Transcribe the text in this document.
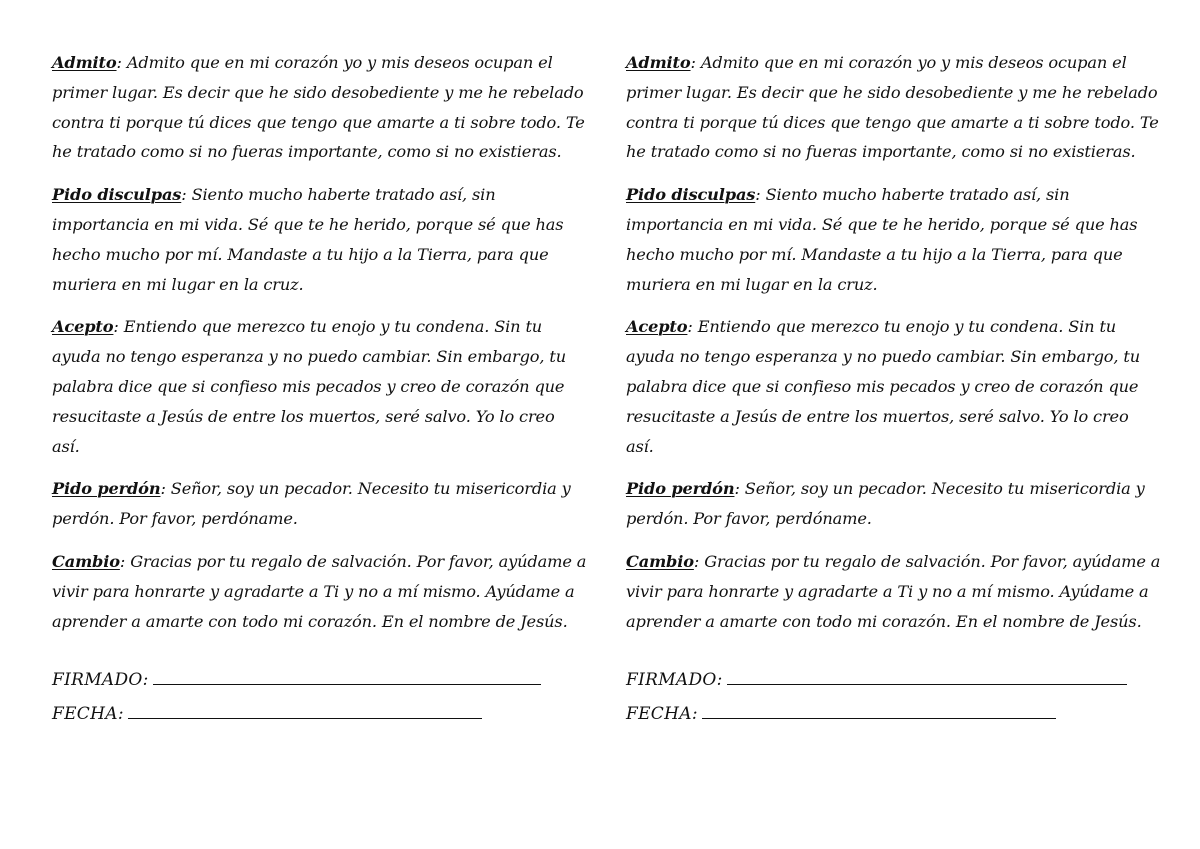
Admito: Admito que en mi corazón yo y mis deseos ocupan el primer lugar. Es decir que he sido desobediente y me he rebelado contra ti porque tú dices que tengo que amarte a ti sobre todo. Te he tratado como si no fueras importante, como si no existieras.

Pido disculpas: Siento mucho haberte tratado así, sin importancia en mi vida. Sé que te he herido, porque sé que has hecho mucho por mí. Mandaste a tu hijo a la Tierra, para que muriera en mi lugar en la cruz.

Acepto: Entiendo que merezco tu enojo y tu condena. Sin tu ayuda no tengo esperanza y no puedo cambiar. Sin embargo, tu palabra dice que si confieso mis pecados y creo de corazón que resucitaste a Jesús de entre los muertos, seré salvo. Yo lo creo así.

Pido perdón: Señor, soy un pecador. Necesito tu misericordia y perdón. Por favor, perdóname.

Cambio: Gracias por tu regalo de salvación. Por favor, ayúdame a vivir para honrarte y agradarte a Ti y no a mí mismo. Ayúdame a aprender a amarte con todo mi corazón. En el nombre de Jesús.

FIRMADO:
FECHA:

Admito: Admito que en mi corazón yo y mis deseos ocupan el primer lugar. Es decir que he sido desobediente y me he rebelado contra ti porque tú dices que tengo que amarte a ti sobre todo. Te he tratado como si no fueras importante, como si no existieras.

Pido disculpas: Siento mucho haberte tratado así, sin importancia en mi vida. Sé que te he herido, porque sé que has hecho mucho por mí. Mandaste a tu hijo a la Tierra, para que muriera en mi lugar en la cruz.

Acepto: Entiendo que merezco tu enojo y tu condena. Sin tu ayuda no tengo esperanza y no puedo cambiar. Sin embargo, tu palabra dice que si confieso mis pecados y creo de corazón que resucitaste a Jesús de entre los muertos, seré salvo. Yo lo creo así.

Pido perdón: Señor, soy un pecador. Necesito tu misericordia y perdón. Por favor, perdóname.

Cambio: Gracias por tu regalo de salvación. Por favor, ayúdame a vivir para honrarte y agradarte a Ti y no a mí mismo. Ayúdame a aprender a amarte con todo mi corazón. En el nombre de Jesús.

FIRMADO:
FECHA:
